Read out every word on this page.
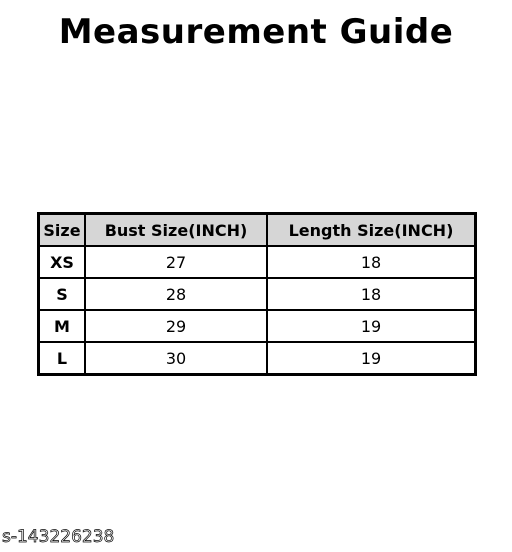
Measurement Guide
Size	Bust Size(INCH)	Length Size(INCH)
XS	27	18
S	28	18
M	29	19
L	30	19
s-143226238
